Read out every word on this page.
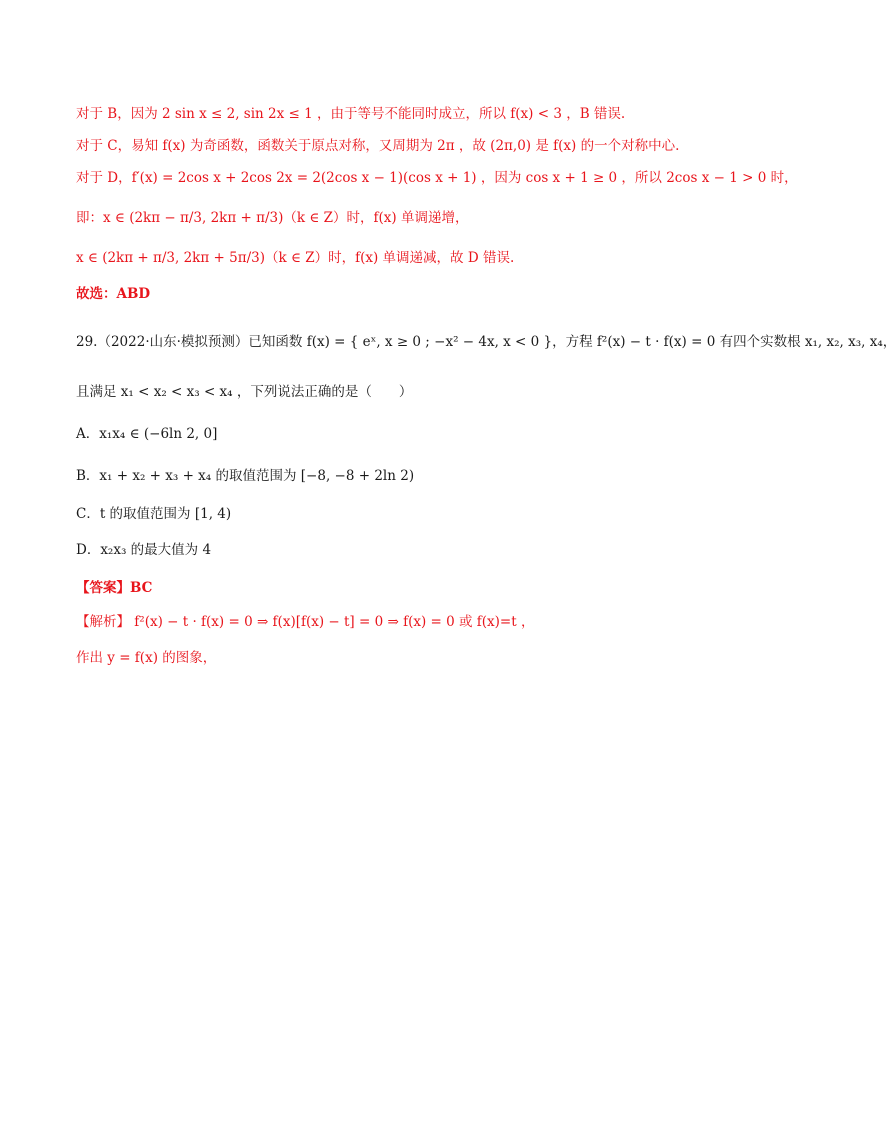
对于 B，因为 2 sin x ≤ 2, sin 2x ≤ 1 ，由于等号不能同时成立，所以 f(x) < 3 ，B 错误.
对于 C，易知 f(x) 为奇函数，函数关于原点对称，又周期为 2π ，故 (2π,0) 是 f(x) 的一个对称中心.
对于 D，f′(x) = 2cos x + 2cos 2x = 2(2cos x − 1)(cos x + 1) ，因为 cos x + 1 ≥ 0 ，所以 2cos x − 1 > 0 时，
即：x ∈ (2kπ − π/3, 2kπ + π/3)（k ∈ Z）时，f(x) 单调递增，
x ∈ (2kπ + π/3, 2kπ + 5π/3)（k ∈ Z）时，f(x) 单调递减，故 D 错误.
故选：ABD
29.（2022·山东·模拟预测）已知函数 f(x) = { eˣ, x ≥ 0 ; −x² − 4x, x < 0 }，方程 f²(x) − t · f(x) = 0 有四个实数根 x₁, x₂, x₃, x₄，
且满足 x₁ < x₂ < x₃ < x₄ ，下列说法正确的是（　　）
A．x₁x₄ ∈ (−6ln 2, 0]
B．x₁ + x₂ + x₃ + x₄ 的取值范围为 [−8, −8 + 2ln 2)
C．t 的取值范围为 [1, 4)
D．x₂x₃ 的最大值为 4
【答案】BC
【解析】 f²(x) − t · f(x) = 0 ⇒ f(x)[f(x) − t] = 0 ⇒ f(x) = 0 或 f(x)=t ，
作出 y = f(x) 的图象，
